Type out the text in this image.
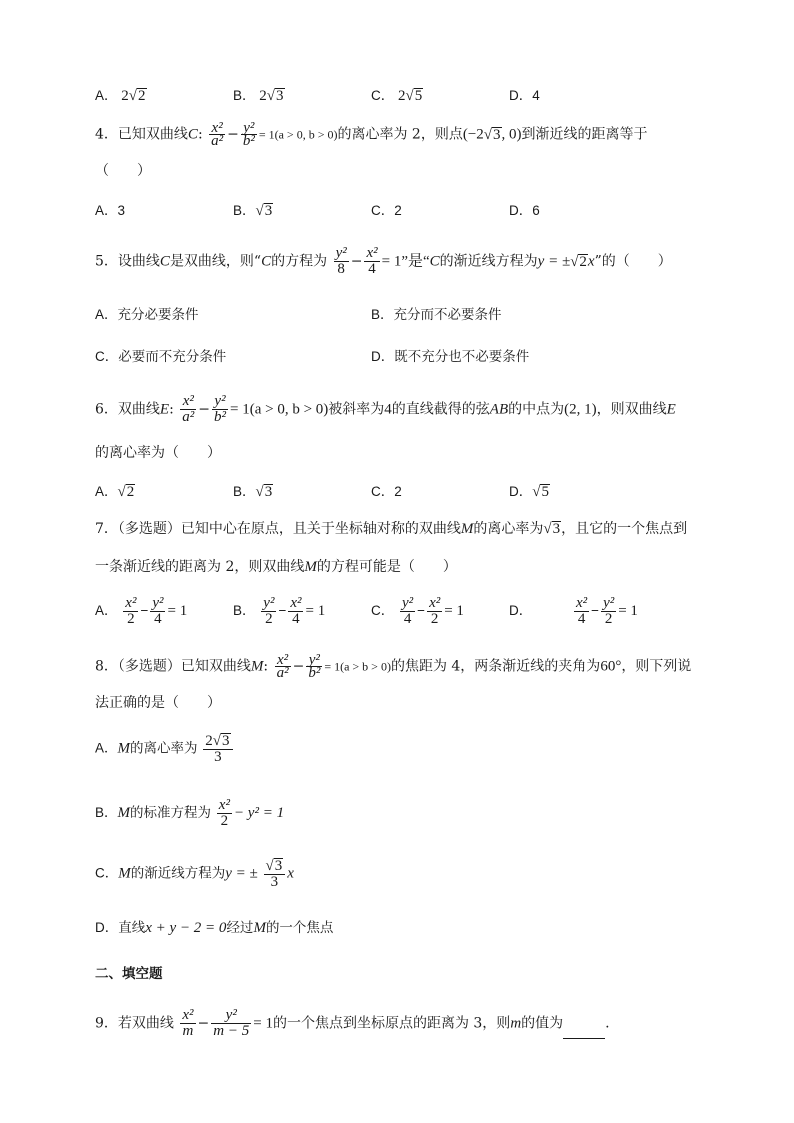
A． 2√2	B． 2√3	C． 2√5	D．4
4．已知双曲线C: $\frac{\text{x²}}{\text{a²}} - \frac{\text{y²}}{\text{b²}} = 1(a > 0$, b > 0)的离心率为 2，则点(−2√3, 0)到渐近线的距离等于
（　　）
A．3	B．√3	C．2	D．6
5．设曲线C是双曲线，则“C的方程为 $\frac{\text{y²}}{8} - \frac{\text{x²}}{4} = 1$”是“C的渐近线方程为y = ±√2x”的（　　）
A．充分必要条件	B．充分而不必要条件
C．必要而不充分条件	D．既不充分也不必要条件
6．双曲线E: $\frac{\text{x²}}{\text{a²}} - \frac{\text{y²}}{\text{b²}} = 1(a > 0$, b > 0)被斜率为4的直线截得的弦AB的中点为(2, 1)，则双曲线E
的离心率为（　　）
A．√2	B．√3	C．2	D．√5
7．（多选题）已知中心在原点，且关于坐标轴对称的双曲线M的离心率为√3，且它的一个焦点到
一条渐近线的距离为 2，则双曲线M的方程可能是（　　）
A． $\frac{\text{x²}}{2} - \frac{\text{y²}}{4} = 1$	B． $\frac{\text{y²}}{2} - \frac{\text{x²}}{4} = 1$	C． $\frac{\text{y²}}{4} - \frac{\text{x²}}{2} = 1$	D．	$\frac{\text{x²}}{4} - \frac{\text{y²}}{2} = 1$
8．（多选题）已知双曲线M: $\frac{\text{x²}}{\text{a²}} - \frac{\text{y²}}{\text{b²}} = 1(a > b > 0)$的焦距为 4，两条渐近线的夹角为60°，则下列说
法正确的是（　　）
A．M的离心率为 $\frac{2√3}{3}$
B．M的标准方程为 $\frac{\text{x²}}{2} - y^2 = 1$
C．M的渐近线方程为y = ± $\frac{√3}{3}$ x
D．直线x + y − 2 = 0经过M的一个焦点
二、填空题
9．若双曲线 $\frac{\text{x²}}{m} - \frac{\text{y²}}{m - 5} = 1$的一个焦点到坐标原点的距离为 3，则m的值为	.
